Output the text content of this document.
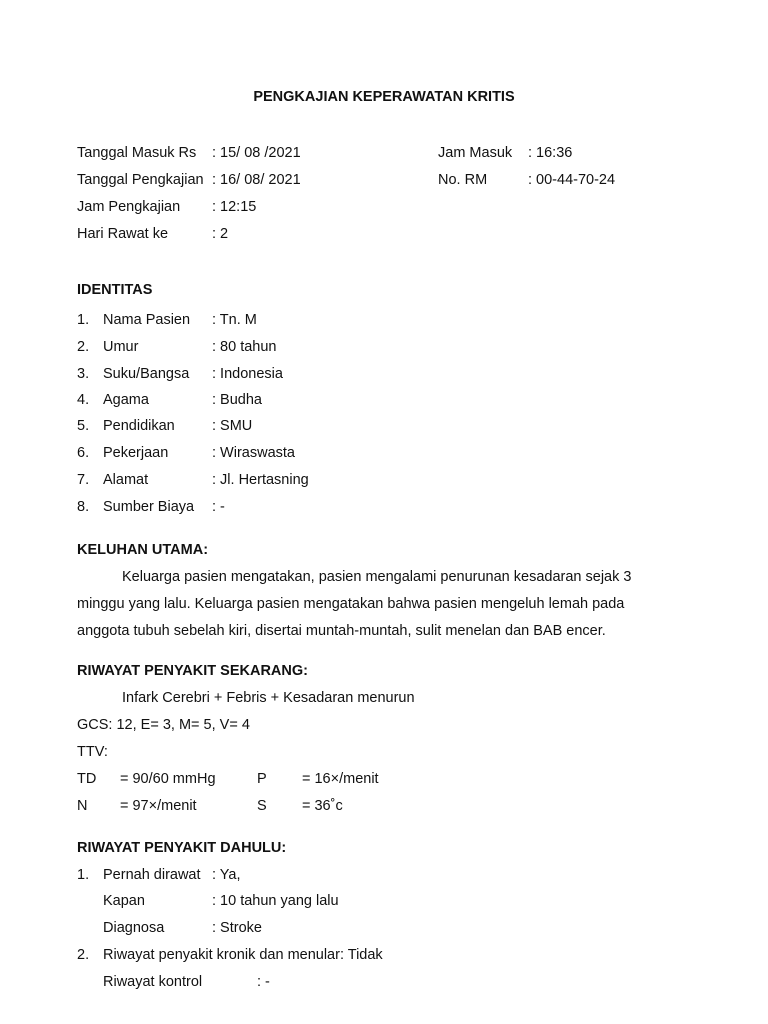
PENGKAJIAN KEPERAWATAN KRITIS
Tanggal Masuk Rs : 15/ 08 /2021	Jam Masuk : 16:36
Tanggal Pengkajian : 16/ 08/ 2021	No. RM	: 00-44-70-24
Jam Pengkajian : 12:15
Hari Rawat ke	: 2
IDENTITAS
1. Nama Pasien : Tn. M
2. Umur	: 80 tahun
3. Suku/Bangsa : Indonesia
4. Agama	: Budha
5. Pendidikan	: SMU
6. Pekerjaan	: Wiraswasta
7. Alamat	: Jl. Hertasning
8. Sumber Biaya : -
KELUHAN UTAMA:
Keluarga pasien mengatakan, pasien mengalami penurunan kesadaran sejak 3
minggu yang lalu. Keluarga pasien mengatakan bahwa pasien mengeluh lemah pada
anggota tubuh sebelah kiri, disertai muntah-muntah, sulit menelan dan BAB encer.
RIWAYAT PENYAKIT SEKARANG:
Infark Cerebri + Febris + Kesadaran menurun
GCS: 12, E= 3, M= 5, V= 4
TTV:
TD = 90/60 mmHg	P = 16×/menit
N = 97×/menit	S = 36˚c
RIWAYAT PENYAKIT DAHULU:
1. Pernah dirawat : Ya,
Kapan	: 10 tahun yang lalu
Diagnosa	: Stroke
2. Riwayat penyakit kronik dan menular: Tidak
Riwayat kontrol	: -
